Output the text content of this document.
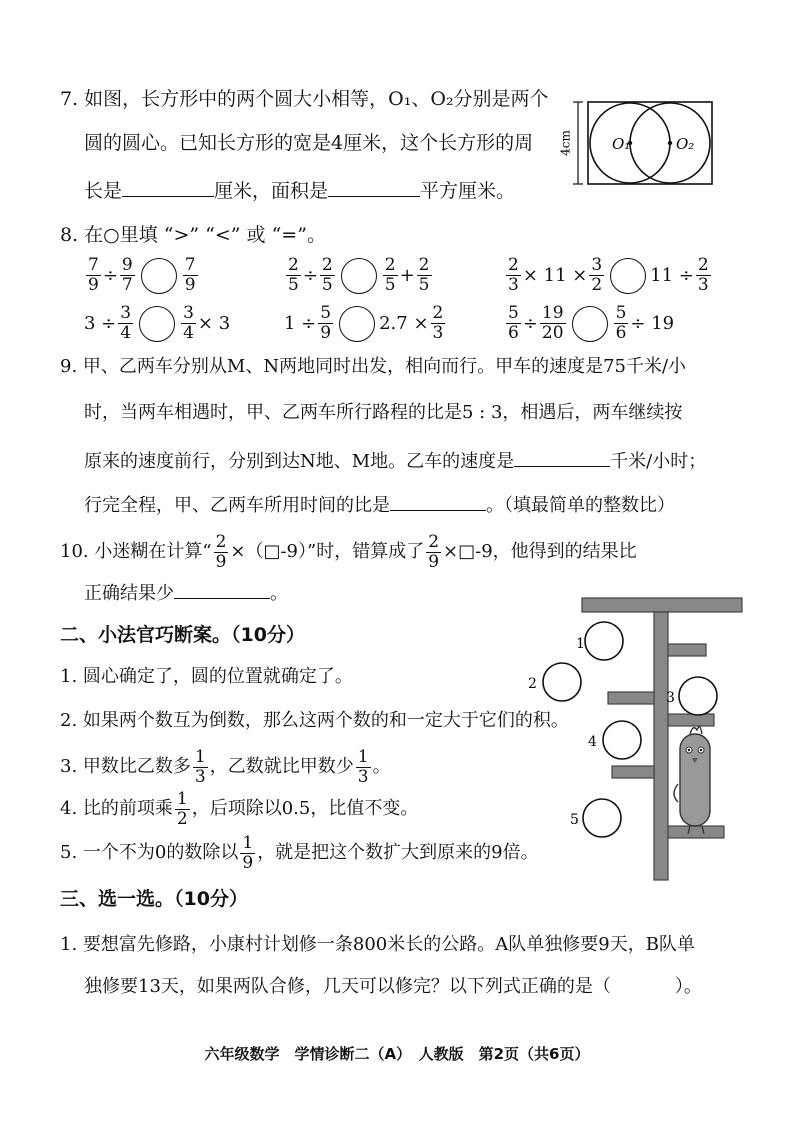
7. 如图，长方形中的两个圆大小相等，O₁、O₂分别是两个
圆的圆心。已知长方形的宽是4厘米，这个长方形的周
长是	厘米，面积是	平方厘米。
4cm	O₁	O₂
8. 在○里填 “>” “<” 或 “=”。
$\frac{7}{9} \div \frac{9}{7}$	$\frac{7}{9}$	$\frac{2}{5} \div \frac{2}{5}$	$\frac{2}{5} + \frac{2}{5}$	$\frac{2}{3} \times 11 \times \frac{3}{2}$	$11 \div \frac{2}{3}$
$3 \div \frac{3}{4}$	$\frac{3}{4} \times 3$	$1 \div \frac{5}{9}$	$2.7 \times \frac{2}{3}$	$\frac{5}{6} \div \frac{19}{20}$	$\frac{5}{6} \div 19$
9. 甲、乙两车分别从M、N两地同时出发，相向而行。甲车的速度是75千米/小
时，当两车相遇时，甲、乙两车所行路程的比是5 : 3，相遇后，两车继续按
原来的速度前行，分别到达N地、M地。乙车的速度是	千米/小时；
行完全程，甲、乙两车所用时间的比是	。（填最简单的整数比）
10. 小迷糊在计算“ $\frac{2}{9}$ ×（□-9）”时，错算成了 $\frac{2}{9}$ ×□-9，他得到的结果比
正确结果少	。
二、小法官巧断案。（10分）
1. 圆心确定了，圆的位置就确定了。
2. 如果两个数互为倒数，那么这两个数的和一定大于它们的积。
3. 甲数比乙数多 $\frac{1}{3}$ ，乙数就比甲数少 $\frac{1}{3}$ 。
4. 比的前项乘 $\frac{1}{2}$ ，后项除以0.5，比值不变。
5. 一个不为0的数除以 $\frac{1}{9}$ ，就是把这个数扩大到原来的9倍。
1
2
3
4
5
三、选一选。（10分）
1. 要想富先修路，小康村计划修一条800米长的公路。A队单独修要9天，B队单
独修要13天，如果两队合修，几天可以修完？以下列式正确的是（	）。
六年级数学　学情诊断二（A）　人教版　第2页（共6页）
